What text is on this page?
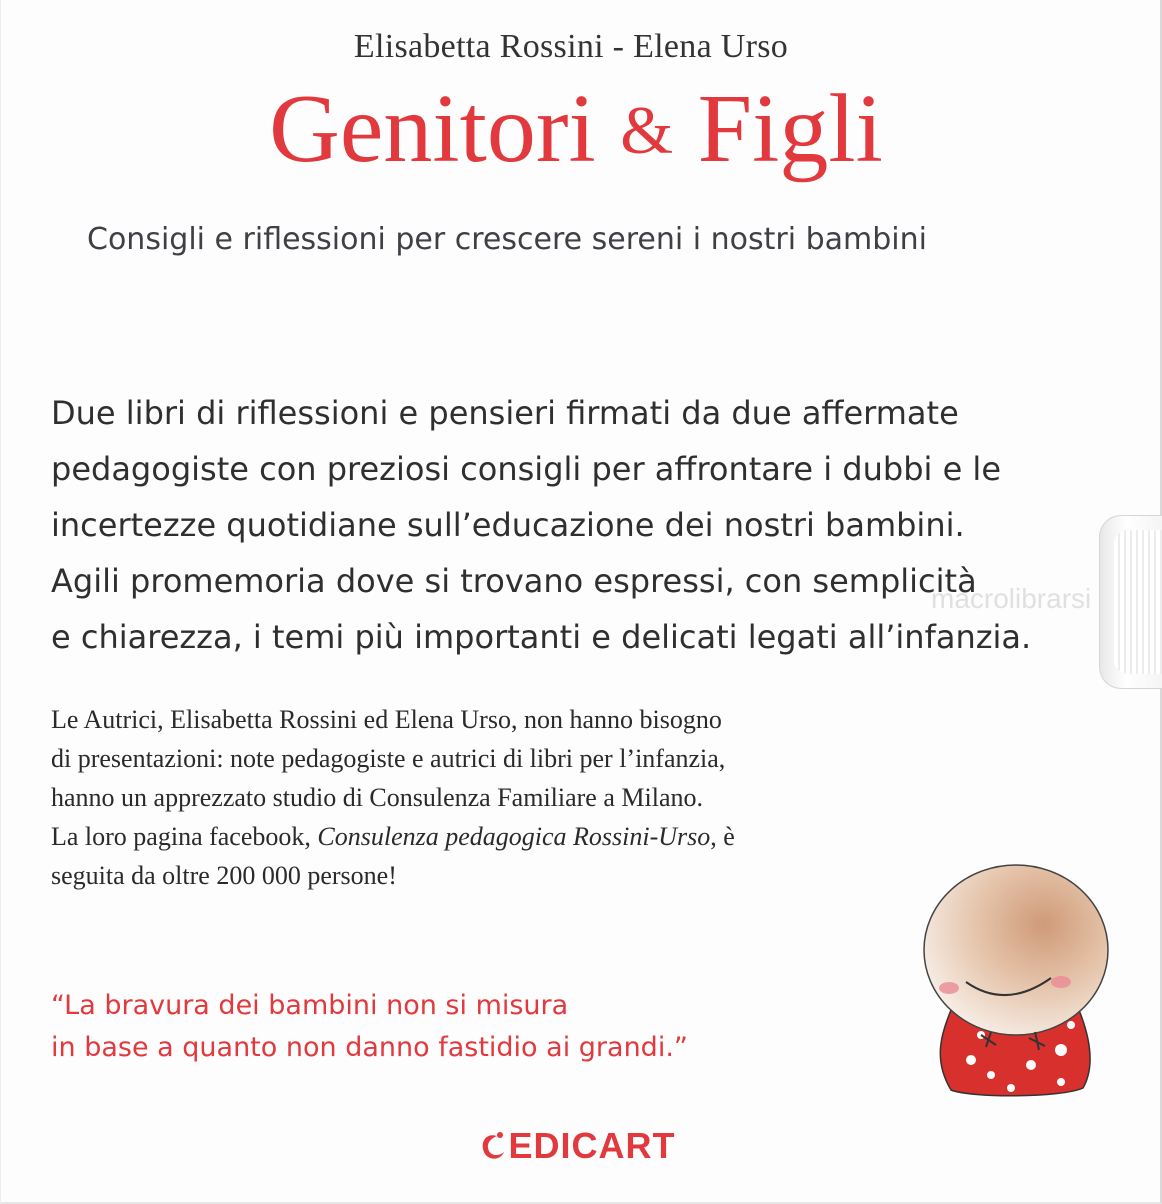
Elisabetta Rossini - Elena Urso
Genitori & Figli
Consigli e riflessioni per crescere sereni i nostri bambini
Due libri di riflessioni e pensieri firmati da due affermate
pedagogiste con preziosi consigli per affrontare i dubbi e le
incertezze quotidiane sull’educazione dei nostri bambini.
Agili promemoria dove si trovano espressi, con semplicità
e chiarezza, i temi più importanti e delicati legati all’infanzia.
Le Autrici, Elisabetta Rossini ed Elena Urso, non hanno bisogno
di presentazioni: note pedagogiste e autrici di libri per l’infanzia,
hanno un apprezzato studio di Consulenza Familiare a Milano.
La loro pagina facebook, Consulenza pedagogica Rossini-Urso, è
seguita da oltre 200 000 persone!
“La bravura dei bambini non si misura
in base a quanto non danno fastidio ai grandi.”
EDICART
macrolibrarsi
